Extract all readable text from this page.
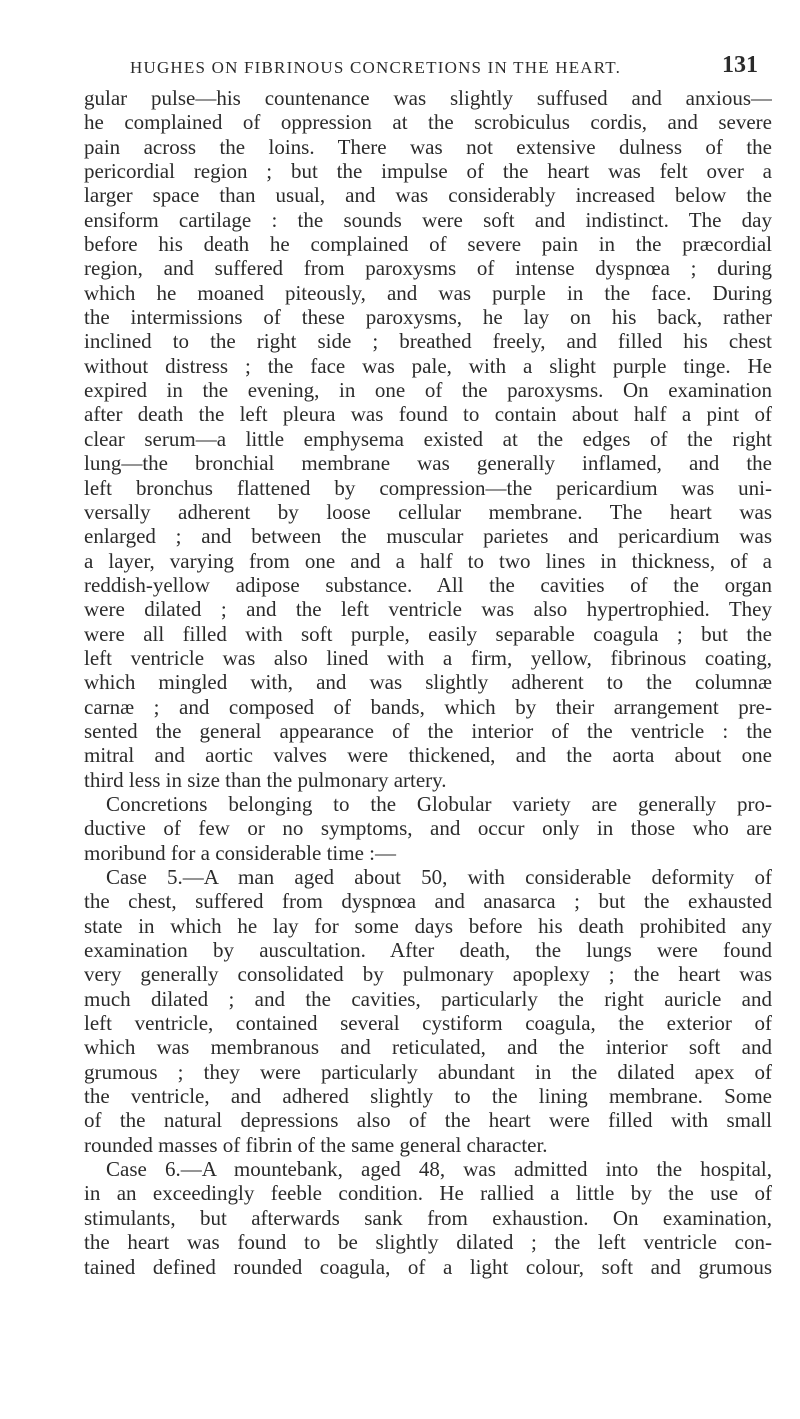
HUGHES ON FIBRINOUS CONCRETIONS IN THE HEART.	131
gular pulse—his countenance was slightly suffused and anxious—
he complained of oppression at the scrobiculus cordis, and severe
pain across the loins. There was not extensive dulness of the
pericordial region ; but the impulse of the heart was felt over a
larger space than usual, and was considerably increased below the
ensiform cartilage : the sounds were soft and indistinct. The day
before his death he complained of severe pain in the præcordial
region, and suffered from paroxysms of intense dyspnœa ; during
which he moaned piteously, and was purple in the face. During
the intermissions of these paroxysms, he lay on his back, rather
inclined to the right side ; breathed freely, and filled his chest
without distress ; the face was pale, with a slight purple tinge. He
expired in the evening, in one of the paroxysms. On examination
after death the left pleura was found to contain about half a pint of
clear serum—a little emphysema existed at the edges of the right
lung—the bronchial membrane was generally inflamed, and the
left bronchus flattened by compression—the pericardium was uni-
versally adherent by loose cellular membrane. The heart was
enlarged ; and between the muscular parietes and pericardium was
a layer, varying from one and a half to two lines in thickness, of a
reddish-yellow adipose substance. All the cavities of the organ
were dilated ; and the left ventricle was also hypertrophied. They
were all filled with soft purple, easily separable coagula ; but the
left ventricle was also lined with a firm, yellow, fibrinous coating,
which mingled with, and was slightly adherent to the columnæ
carnæ ; and composed of bands, which by their arrangement pre-
sented the general appearance of the interior of the ventricle : the
mitral and aortic valves were thickened, and the aorta about one
third less in size than the pulmonary artery.
Concretions belonging to the Globular variety are generally pro-
ductive of few or no symptoms, and occur only in those who are
moribund for a considerable time :—
Case 5.—A man aged about 50, with considerable deformity of
the chest, suffered from dyspnœa and anasarca ; but the exhausted
state in which he lay for some days before his death prohibited any
examination by auscultation. After death, the lungs were found
very generally consolidated by pulmonary apoplexy ; the heart was
much dilated ; and the cavities, particularly the right auricle and
left ventricle, contained several cystiform coagula, the exterior of
which was membranous and reticulated, and the interior soft and
grumous ; they were particularly abundant in the dilated apex of
the ventricle, and adhered slightly to the lining membrane. Some
of the natural depressions also of the heart were filled with small
rounded masses of fibrin of the same general character.
Case 6.—A mountebank, aged 48, was admitted into the hospital,
in an exceedingly feeble condition. He rallied a little by the use of
stimulants, but afterwards sank from exhaustion. On examination,
the heart was found to be slightly dilated ; the left ventricle con-
tained defined rounded coagula, of a light colour, soft and grumous
